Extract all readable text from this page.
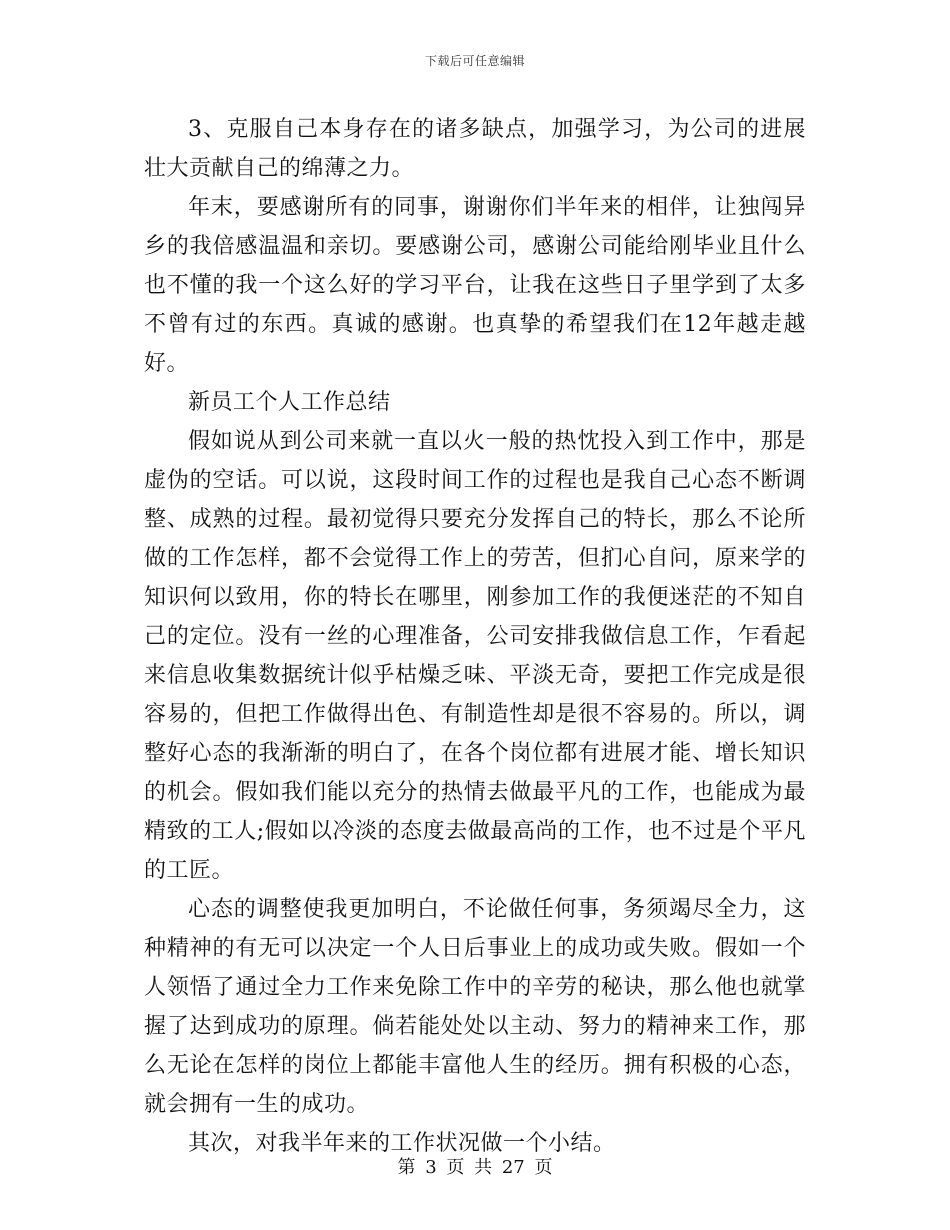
下载后可任意编辑

3、克服自己本身存在的诸多缺点，加强学习，为公司的进展壮大贡献自己的绵薄之力。

年末，要感谢所有的同事，谢谢你们半年来的相伴，让独闯异乡的我倍感温温和亲切。要感谢公司，感谢公司能给刚毕业且什么也不懂的我一个这么好的学习平台，让我在这些日子里学到了太多不曾有过的东西。真诚的感谢。也真挚的希望我们在12年越走越好。

新员工个人工作总结

假如说从到公司来就一直以火一般的热忱投入到工作中，那是虚伪的空话。可以说，这段时间工作的过程也是我自己心态不断调整、成熟的过程。最初觉得只要充分发挥自己的特长，那么不论所做的工作怎样，都不会觉得工作上的劳苦，但扪心自问，原来学的知识何以致用，你的特长在哪里，刚参加工作的我便迷茫的不知自己的定位。没有一丝的心理准备，公司安排我做信息工作，乍看起来信息收集数据统计似乎枯燥乏味、平淡无奇，要把工作完成是很容易的，但把工作做得出色、有制造性却是很不容易的。所以，调整好心态的我渐渐的明白了，在各个岗位都有进展才能、增长知识的机会。假如我们能以充分的热情去做最平凡的工作，也能成为最精致的工人;假如以冷淡的态度去做最高尚的工作，也不过是个平凡的工匠。

心态的调整使我更加明白，不论做任何事，务须竭尽全力，这种精神的有无可以决定一个人日后事业上的成功或失败。假如一个人领悟了通过全力工作来免除工作中的辛劳的秘诀，那么他也就掌握了达到成功的原理。倘若能处处以主动、努力的精神来工作，那么无论在怎样的岗位上都能丰富他人生的经历。拥有积极的心态，就会拥有一生的成功。

其次，对我半年来的工作状况做一个小结。

第 3 页 共 27 页
